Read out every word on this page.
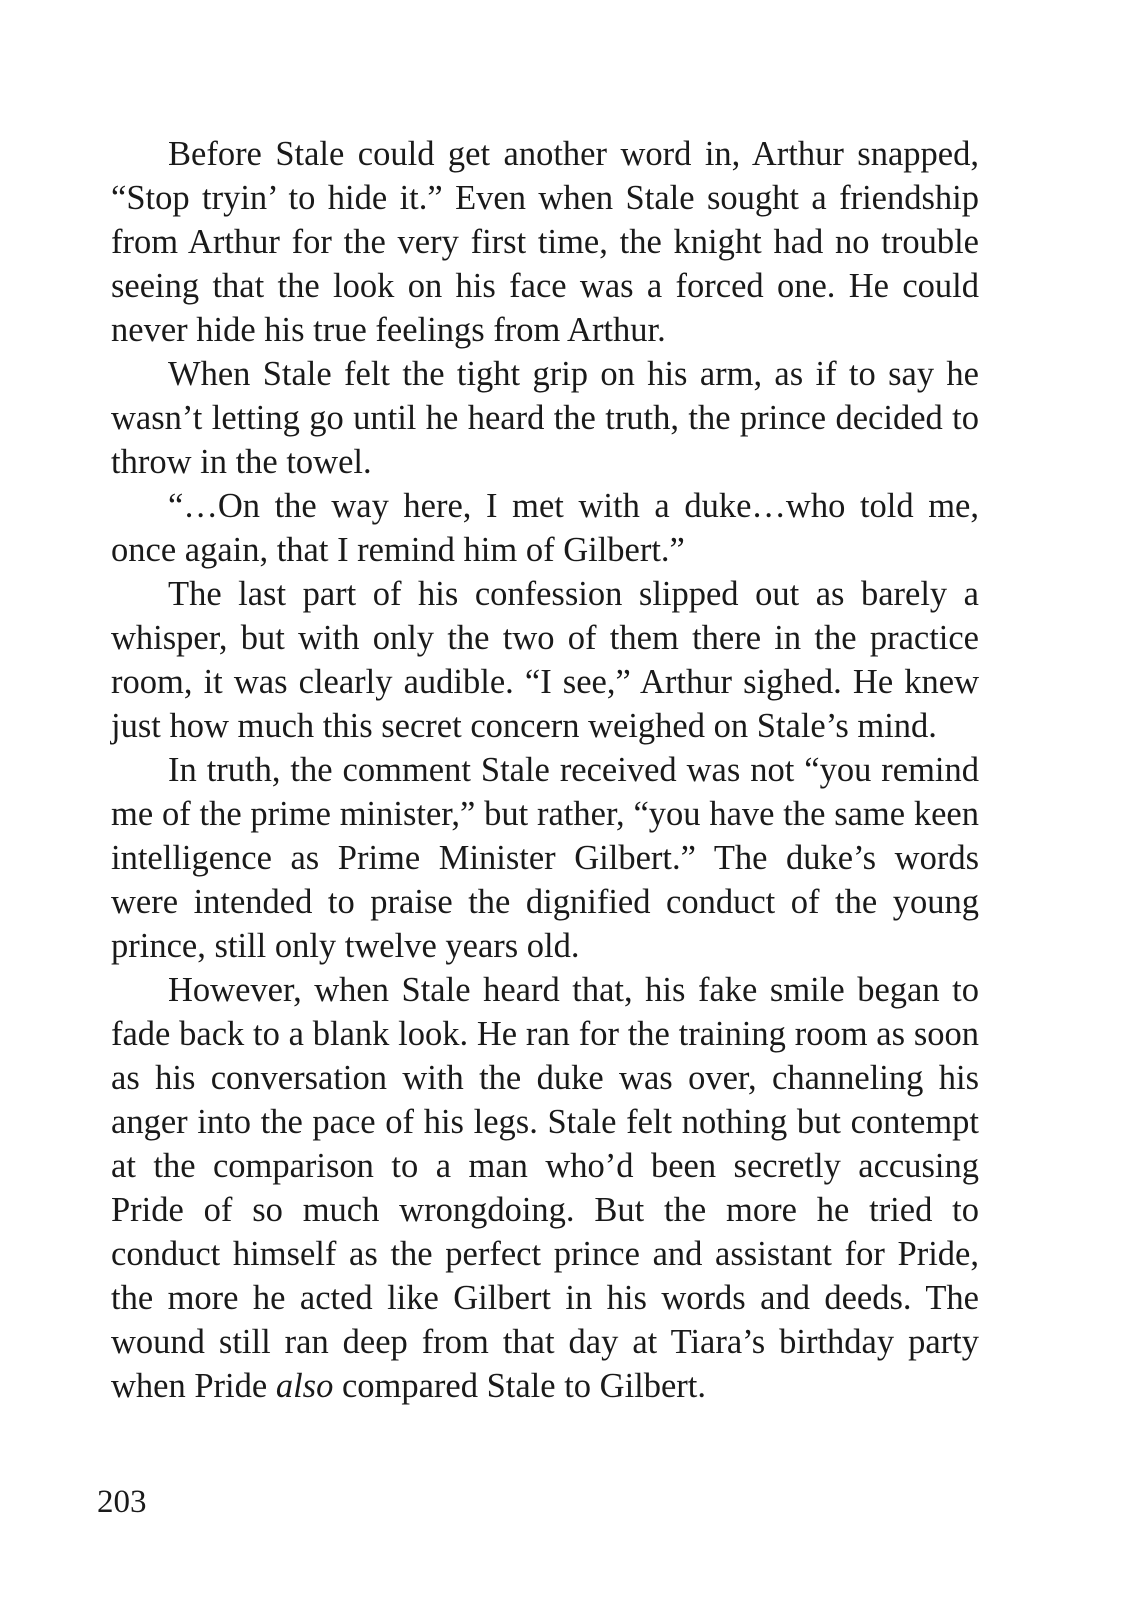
Before Stale could get another word in, Arthur snapped, “Stop tryin’ to hide it.” Even when Stale sought a friendship from Arthur for the very first time, the knight had no trouble seeing that the look on his face was a forced one. He could never hide his true feelings from Arthur.

When Stale felt the tight grip on his arm, as if to say he wasn’t letting go until he heard the truth, the prince decided to throw in the towel.

“…On the way here, I met with a duke…who told me, once again, that I remind him of Gilbert.”

The last part of his confession slipped out as barely a whisper, but with only the two of them there in the practice room, it was clearly audible. “I see,” Arthur sighed. He knew just how much this secret concern weighed on Stale’s mind.

In truth, the comment Stale received was not “you remind me of the prime minister,” but rather, “you have the same keen intelligence as Prime Minister Gilbert.” The duke’s words were intended to praise the dignified conduct of the young prince, still only twelve years old.

However, when Stale heard that, his fake smile began to fade back to a blank look. He ran for the training room as soon as his conversation with the duke was over, channeling his anger into the pace of his legs. Stale felt nothing but contempt at the comparison to a man who’d been secretly accusing Pride of so much wrongdoing. But the more he tried to conduct himself as the perfect prince and assistant for Pride, the more he acted like Gilbert in his words and deeds. The wound still ran deep from that day at Tiara’s birthday party when Pride also compared Stale to Gilbert.

203
